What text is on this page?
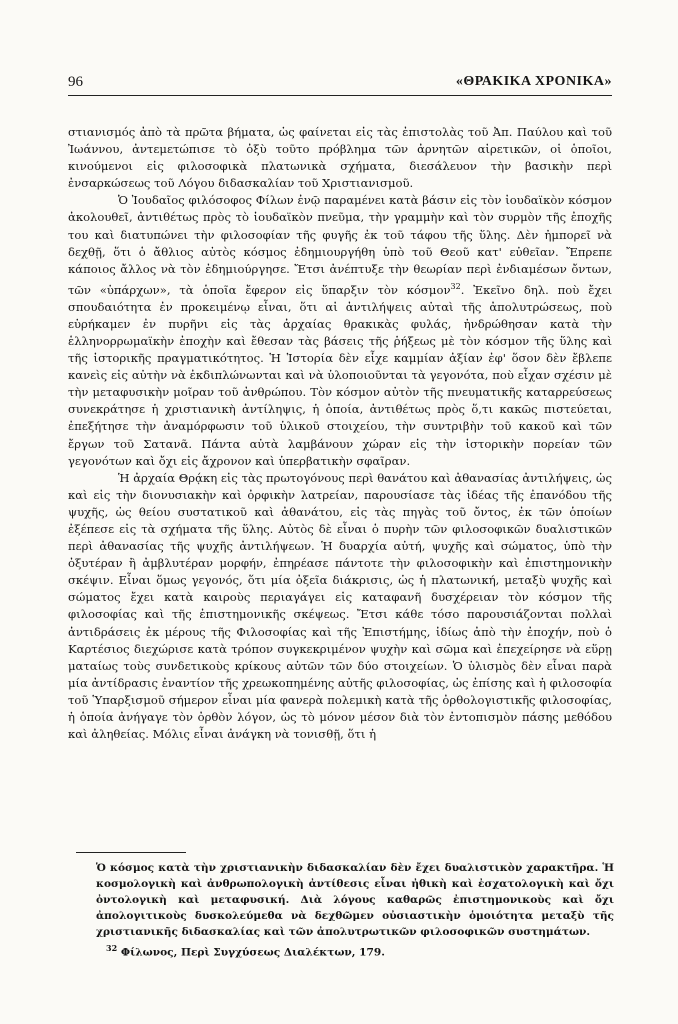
96	«ΘΡΑΚΙΚΑ ΧΡΟΝΙΚΑ»

στιανισμός ἀπὸ τὰ πρῶτα βήματα, ὡς φαίνεται εἰς τὰς ἐπιστολὰς τοῦ Ἀπ. Παύλου καὶ τοῦ Ἰωάννου, ἀντεμετώπισε τὸ ὀξὺ τοῦτο πρόβλημα τῶν ἀρνητῶν αἱρετικῶν, οἱ ὁποῖοι, κινούμενοι εἰς φιλοσοφικὰ πλατωνικὰ σχήματα, διεσάλευον τὴν βασικὴν περὶ ἐνσαρκώσεως τοῦ Λόγου διδασκαλίαν τοῦ Χριστιανισμοῦ.

Ὁ Ἰουδαῖος φιλόσοφος Φίλων ἐνῷ παραμένει κατὰ βάσιν εἰς τὸν ἰουδαϊκὸν κόσμον ἀκολουθεῖ, ἀντιθέτως πρὸς τὸ ἰουδαϊκὸν πνεῦμα, τὴν γραμμὴν καὶ τὸν συρμὸν τῆς ἐποχῆς του καὶ διατυπώνει τὴν φιλοσοφίαν τῆς φυγῆς ἐκ τοῦ τάφου τῆς ὕλης. Δὲν ἠμπορεῖ νὰ δεχθῇ, ὅτι ὁ ἄθλιος αὐτὸς κόσμος ἐδημιουργήθη ὑπὸ τοῦ Θεοῦ κατ' εὐθεῖαν. Ἔπρεπε κάποιος ἄλλος νὰ τὸν ἐδημιούργησε. Ἔτσι ἀνέπτυξε τὴν θεωρίαν περὶ ἐνδιαμέσων ὄντων, τῶν «ὑπάρχων», τὰ ὁποῖα ἔφερον εἰς ὕπαρξιν τὸν κόσμον$^{32}$. Ἐκεῖνο δηλ. ποὺ ἔχει σπουδαιότητα ἐν προκειμένῳ εἶναι, ὅτι αἱ ἀντιλήψεις αὐταὶ τῆς ἀπολυτρώσεως, ποὺ εὑρήκαμεν ἐν πυρῆνι εἰς τὰς ἀρχαίας θρακικὰς φυλάς, ἠνδρώθησαν κατὰ τὴν ἑλληνορρωμαϊκὴν ἐποχὴν καὶ ἔθεσαν τὰς βάσεις τῆς ῥήξεως μὲ τὸν κόσμον τῆς ὕλης καὶ τῆς ἱστορικῆς πραγματικότητος. Ἡ Ἱστορία δὲν εἶχε καμμίαν ἀξίαν ἐφ' ὅσον δὲν ἔβλεπε κανεὶς εἰς αὐτὴν νὰ ἐκδιπλώνωνται καὶ νὰ ὑλοποιοῦνται τὰ γεγονότα, ποὺ εἶχαν σχέσιν μὲ τὴν μεταφυσικὴν μοῖραν τοῦ ἀνθρώπου. Τὸν κόσμον αὐτὸν τῆς πνευματικῆς καταρρεύσεως συνεκράτησε ἡ χριστιανικὴ ἀντίληψις, ἡ ὁποία, ἀντιθέτως πρὸς ὅ,τι κακῶς πιστεύεται, ἐπεξήτησε τὴν ἀναμόρφωσιν τοῦ ὑλικοῦ στοιχείου, τὴν συντριβὴν τοῦ κακοῦ καὶ τῶν ἔργων τοῦ Σατανᾶ. Πάντα αὐτὰ λαμβάνουν χώραν εἰς τὴν ἱστορικὴν πορείαν τῶν γεγονότων καὶ ὄχι εἰς ἄχρονον καὶ ὑπερβατικὴν σφαῖραν.

Ἡ ἀρχαία Θρᾴκη εἰς τὰς πρωτογόνους περὶ θανάτου καὶ ἀθανασίας ἀντιλήψεις, ὡς καὶ εἰς τὴν διονυσιακὴν καὶ ὀρφικὴν λατρείαν, παρουσίασε τὰς ἰδέας τῆς ἐπανόδου τῆς ψυχῆς, ὡς θείου συστατικοῦ καὶ ἀθανάτου, εἰς τὰς πηγὰς τοῦ ὄντος, ἐκ τῶν ὁποίων ἐξέπεσε εἰς τὰ σχήματα τῆς ὕλης. Αὐτὸς δὲ εἶναι ὁ πυρὴν τῶν φιλοσοφικῶν δυαλιστικῶν περὶ ἀθανασίας τῆς ψυχῆς ἀντιλήψεων. Ἡ δυαρχία αὐτή, ψυχῆς καὶ σώματος, ὑπὸ τὴν ὀξυτέραν ἢ ἀμβλυτέραν μορφήν, ἐπηρέασε πάντοτε τὴν φιλοσοφικὴν καὶ ἐπιστημονικὴν σκέψιν. Εἶναι ὅμως γεγονός, ὅτι μία ὀξεῖα διάκρισις, ὡς ἡ πλατωνική, μεταξὺ ψυχῆς καὶ σώματος ἔχει κατὰ καιροὺς περιαγάγει εἰς καταφανῆ δυσχέρειαν τὸν κόσμον τῆς φιλοσοφίας καὶ τῆς ἐπιστημονικῆς σκέψεως. Ἔτσι κάθε τόσο παρουσιάζονται πολλαὶ ἀντιδράσεις ἐκ μέρους τῆς Φιλοσοφίας καὶ τῆς Ἐπιστήμης, ἰδίως ἀπὸ τὴν ἐποχήν, ποὺ ὁ Καρτέσιος διεχώρισε κατὰ τρόπον συγκεκριμένον ψυχὴν καὶ σῶμα καὶ ἐπεχείρησε νὰ εὕρῃ ματαίως τοὺς συνδετικοὺς κρίκους αὐτῶν τῶν δύο στοιχείων. Ὁ ὑλισμὸς δὲν εἶναι παρὰ μία ἀντίδρασις ἐναντίον τῆς χρεωκοπημένης αὐτῆς φιλοσοφίας, ὡς ἐπίσης καὶ ἡ φιλοσοφία τοῦ Ὑπαρξισμοῦ σήμερον εἶναι μία φανερὰ πολεμικὴ κατὰ τῆς ὀρθολογιστικῆς φιλοσοφίας, ἡ ὁποία ἀνήγαγε τὸν ὀρθὸν λόγον, ὡς τὸ μόνον μέσον διὰ τὸν ἐντοπισμὸν πάσης μεθόδου καὶ ἀληθείας. Μόλις εἶναι ἀνάγκη νὰ τονισθῇ, ὅτι ἡ

Ὁ κόσμος κατὰ τὴν χριστιανικὴν διδασκαλίαν δὲν ἔχει δυαλιστικὸν χαρακτῆρα. Ἡ κοσμολογικὴ καὶ ἀνθρωπολογικὴ ἀντίθεσις εἶναι ἠθικὴ καὶ ἐσχατολογικὴ καὶ ὄχι ὀντολογικὴ καὶ μεταφυσική. Διὰ λόγους καθαρῶς ἐπιστημονικοὺς καὶ ὄχι ἀπολογιτικοὺς δυσκολεύμεθα νὰ δεχθῶμεν οὐσιαστικὴν ὁμοιότητα μεταξὺ τῆς χριστιανικῆς διδασκαλίας καὶ τῶν ἀπολυτρωτικῶν φιλοσοφικῶν συστημάτων.

$^{32}$ Φίλωνος, Περὶ Συγχύσεως Διαλέκτων, 179.
